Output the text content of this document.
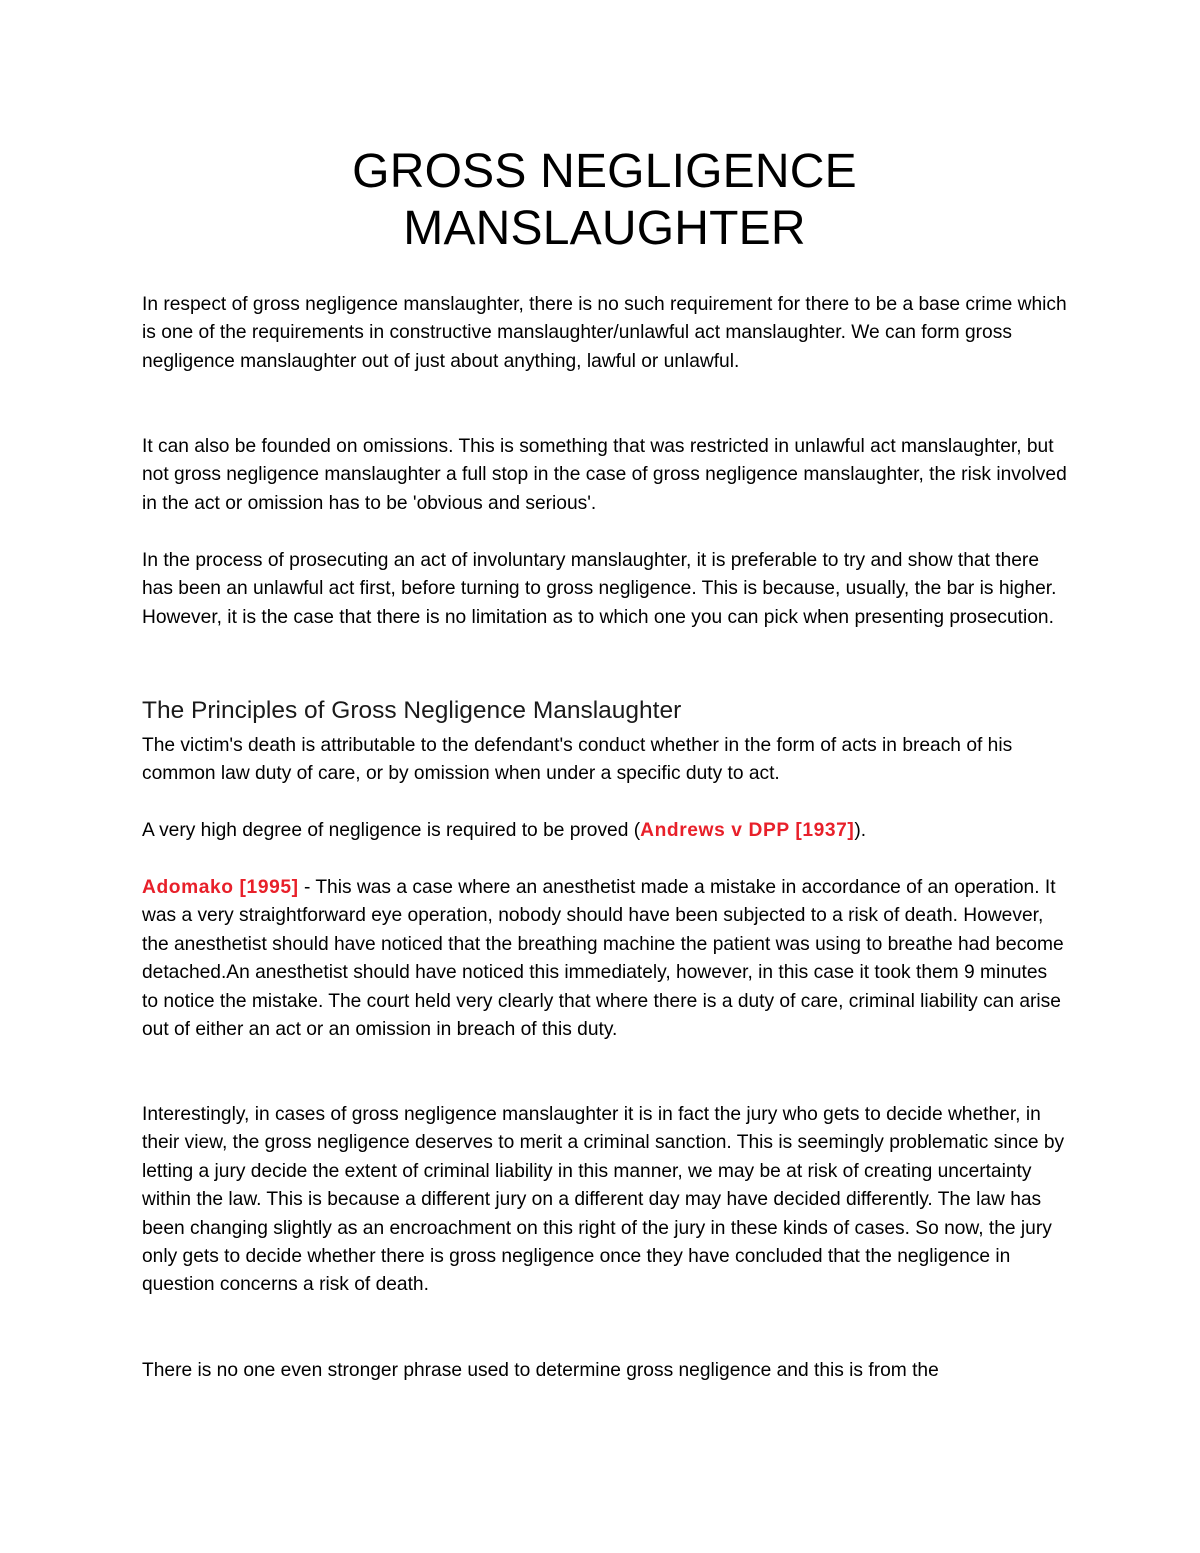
GROSS NEGLIGENCE
MANSLAUGHTER

In respect of gross negligence manslaughter, there is no such requirement for there to be a base crime which is one of the requirements in constructive manslaughter/unlawful act manslaughter. We can form gross negligence manslaughter out of just about anything, lawful or unlawful.

It can also be founded on omissions. This is something that was restricted in unlawful act manslaughter, but not gross negligence manslaughter a full stop in the case of gross negligence manslaughter, the risk involved in the act or omission has to be 'obvious and serious'.

In the process of prosecuting an act of involuntary manslaughter, it is preferable to try and show that there has been an unlawful act first, before turning to gross negligence. This is because, usually, the bar is higher. However, it is the case that there is no limitation as to which one you can pick when presenting prosecution.

The Principles of Gross Negligence Manslaughter

The victim's death is attributable to the defendant's conduct whether in the form of acts in breach of his common law duty of care, or by omission when under a specific duty to act.

A very high degree of negligence is required to be proved (Andrews v DPP [1937]).

Adomako [1995] - This was a case where an anesthetist made a mistake in accordance of an operation. It was a very straightforward eye operation, nobody should have been subjected to a risk of death. However, the anesthetist should have noticed that the breathing machine the patient was using to breathe had become detached.An anesthetist should have noticed this immediately, however, in this case it took them 9 minutes to notice the mistake. The court held very clearly that where there is a duty of care, criminal liability can arise out of either an act or an omission in breach of this duty.

Interestingly, in cases of gross negligence manslaughter it is in fact the jury who gets to decide whether, in their view, the gross negligence deserves to merit a criminal sanction. This is seemingly problematic since by letting a jury decide the extent of criminal liability in this manner, we may be at risk of creating uncertainty within the law. This is because a different jury on a different day may have decided differently. The law has been changing slightly as an encroachment on this right of the jury in these kinds of cases. So now, the jury only gets to decide whether there is gross negligence once they have concluded that the negligence in question concerns a risk of death.

There is no one even stronger phrase used to determine gross negligence and this is from the
